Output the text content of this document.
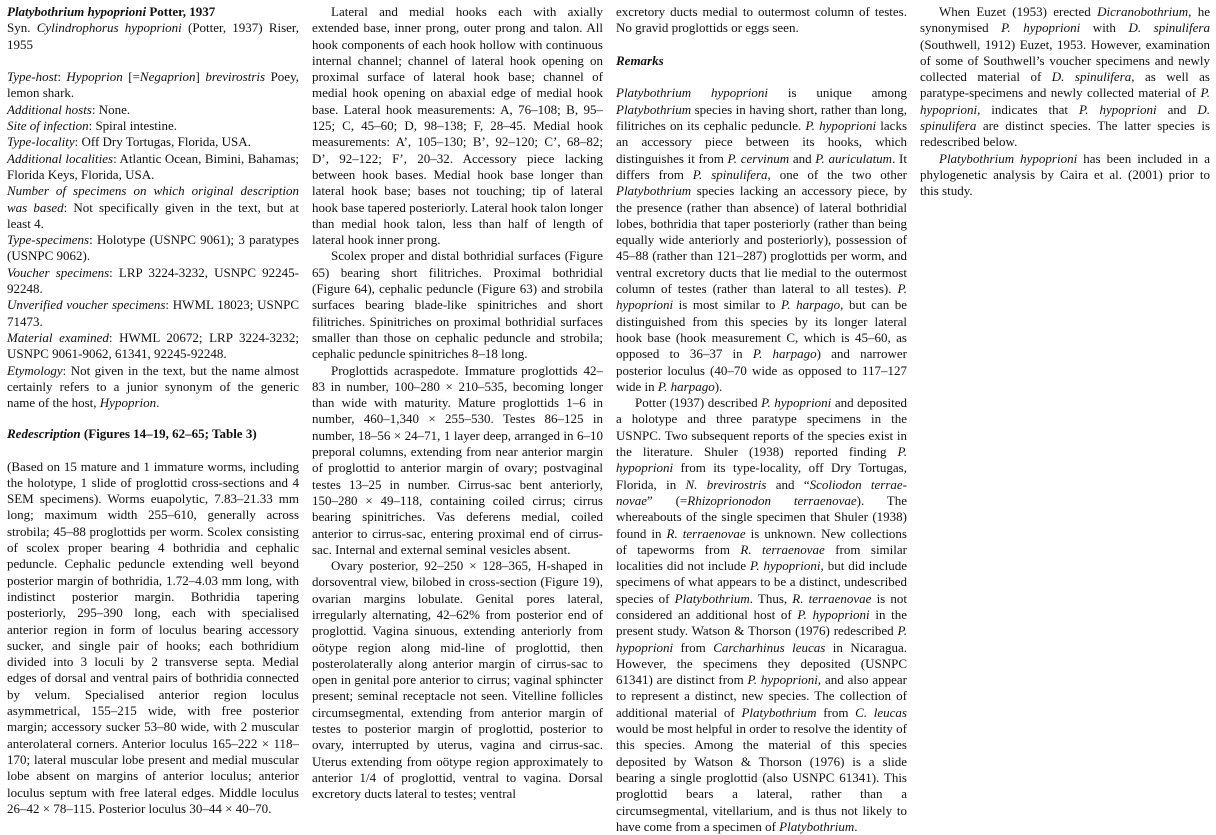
Platybothrium hypoprioni Potter, 1937

Syn. Cylindrophorus hypoprioni (Potter, 1937) Riser, 1955

Type-host: Hypoprion [=Negaprion] brevirostris Poey, lemon shark.

Additional hosts: None.

Site of infection: Spiral intestine.

Type-locality: Off Dry Tortugas, Florida, USA.

Additional localities: Atlantic Ocean, Bimini, Bahamas; Florida Keys, Florida, USA.

Number of specimens on which original description was based: Not specifically given in the text, but at least 4.

Type-specimens: Holotype (USNPC 9061); 3 paratypes (USNPC 9062).

Voucher specimens: LRP 3224-3232, USNPC 92245-92248.

Unverified voucher specimens: HWML 18023; USNPC 71473.

Material examined: HWML 20672; LRP 3224-3232; USNPC 9061-9062, 61341, 92245-92248.

Etymology: Not given in the text, but the name almost certainly refers to a junior synonym of the generic name of the host, Hypoprion.

Redescription (Figures 14–19, 62–65; Table 3)

(Based on 15 mature and 1 immature worms, including the holotype, 1 slide of proglottid cross-sections and 4 SEM specimens). Worms euapolytic, 7.83–21.33 mm long; maximum width 255–610, generally across strobila; 45–88 proglottids per worm. Scolex consisting of scolex proper bearing 4 bothridia and cephalic peduncle. Cephalic peduncle extending well beyond posterior margin of bothridia, 1.72–4.03 mm long, with indistinct posterior margin. Bothridia tapering posteriorly, 295–390 long, each with specialised anterior region in form of loculus bearing accessory sucker, and single pair of hooks; each bothridium divided into 3 loculi by 2 transverse septa. Medial edges of dorsal and ventral pairs of bothridia connected by velum. Specialised anterior region loculus asymmetrical, 155–215 wide, with free posterior margin; accessory sucker 53–80 wide, with 2 muscular anterolateral corners. Anterior loculus 165–222 × 118–170; lateral muscular lobe present and medial muscular lobe absent on margins of anterior loculus; anterior loculus septum with free lateral edges. Middle loculus 26–42 × 78–115. Posterior loculus 30–44 × 40–70.

Lateral and medial hooks each with axially extended base, inner prong, outer prong and talon. All hook components of each hook hollow with continuous internal channel; channel of lateral hook opening on proximal surface of lateral hook base; channel of medial hook opening on abaxial edge of medial hook base. Lateral hook measurements: A, 76–108; B, 95–125; C, 45–60; D, 98–138; F, 28–45. Medial hook measurements: A’, 105–130; B’, 92–120; C’, 68–82; D’, 92–122; F’, 20–32. Accessory piece lacking between hook bases. Medial hook base longer than lateral hook base; bases not touching; tip of lateral hook base tapered posteriorly. Lateral hook talon longer than medial hook talon, less than half of length of lateral hook inner prong.

Scolex proper and distal bothridial surfaces (Figure 65) bearing short filitriches. Proximal bothridial (Figure 64), cephalic peduncle (Figure 63) and strobila surfaces bearing blade-like spinitriches and short filitriches. Spinitriches on proximal bothridial surfaces smaller than those on cephalic peduncle and strobila; cephalic peduncle spinitriches 8–18 long.

Proglottids acraspedote. Immature proglottids 42–83 in number, 100–280 × 210–535, becoming longer than wide with maturity. Mature proglottids 1–6 in number, 460–1,340 × 255–530. Testes 86–125 in number, 18–56 × 24–71, 1 layer deep, arranged in 6–10 preporal columns, extending from near anterior margin of proglottid to anterior margin of ovary; postvaginal testes 13–25 in number. Cirrus-sac bent anteriorly, 150–280 × 49–118, containing coiled cirrus; cirrus bearing spinitriches. Vas deferens medial, coiled anterior to cirrus-sac, entering proximal end of cirrus-sac. Internal and external seminal vesicles absent.

Ovary posterior, 92–250 × 128–365, H-shaped in dorsoventral view, bilobed in cross-section (Figure 19), ovarian margins lobulate. Genital pores lateral, irregularly alternating, 42–62% from posterior end of proglottid. Vagina sinuous, extending anteriorly from oötype region along mid-line of proglottid, then posterolaterally along anterior margin of cirrus-sac to open in genital pore anterior to cirrus; vaginal sphincter present; seminal receptacle not seen. Vitelline follicles circumsegmental, extending from anterior margin of testes to posterior margin of proglottid, posterior to ovary, interrupted by uterus, vagina and cirrus-sac. Uterus extending from oötype region approximately to anterior 1/4 of proglottid, ventral to vagina. Dorsal excretory ducts lateral to testes; ventral

excretory ducts medial to outermost column of testes. No gravid proglottids or eggs seen.

Remarks

Platybothrium hypoprioni is unique among Platybothrium species in having short, rather than long, filitriches on its cephalic peduncle. P. hypoprioni lacks an accessory piece between its hooks, which distinguishes it from P. cervinum and P. auriculatum. It differs from P. spinulifera, one of the two other Platybothrium species lacking an accessory piece, by the presence (rather than absence) of lateral bothridial lobes, bothridia that taper posteriorly (rather than being equally wide anteriorly and posteriorly), possession of 45–88 (rather than 121–287) proglottids per worm, and ventral excretory ducts that lie medial to the outermost column of testes (rather than lateral to all testes). P. hypoprioni is most similar to P. harpago, but can be distinguished from this species by its longer lateral hook base (hook measurement C, which is 45–60, as opposed to 36–37 in P. harpago) and narrower posterior loculus (40–70 wide as opposed to 117–127 wide in P. harpago).

Potter (1937) described P. hypoprioni and deposited a holotype and three paratype specimens in the USNPC. Two subsequent reports of the species exist in the literature. Shuler (1938) reported finding P. hypoprioni from its type-locality, off Dry Tortugas, Florida, in N. brevirostris and “Scoliodon terrae-novae” (=Rhizoprionodon terraenovae). The whereabouts of the single specimen that Shuler (1938) found in R. terraenovae is unknown. New collections of tapeworms from R. terraenovae from similar localities did not include P. hypoprioni, but did include specimens of what appears to be a distinct, undescribed species of Platybothrium. Thus, R. terraenovae is not considered an additional host of P. hypoprioni in the present study. Watson & Thorson (1976) redescribed P. hypoprioni from Carcharhinus leucas in Nicaragua. However, the specimens they deposited (USNPC 61341) are distinct from P. hypoprioni, and also appear to represent a distinct, new species. The collection of additional material of Platybothrium from C. leucas would be most helpful in order to resolve the identity of this species. Among the material of this species deposited by Watson & Thorson (1976) is a slide bearing a single proglottid (also USNPC 61341). This proglottid bears a lateral, rather than a circumsegmental, vitellarium, and is thus not likely to have come from a specimen of Platybothrium.

When Euzet (1953) erected Dicranobothrium, he synonymised P. hypoprioni with D. spinulifera (Southwell, 1912) Euzet, 1953. However, examination of some of Southwell’s voucher specimens and newly collected material of D. spinulifera, as well as paratype-specimens and newly collected material of P. hypoprioni, indicates that P. hypoprioni and D. spinulifera are distinct species. The latter species is redescribed below.

Platybothrium hypoprioni has been included in a phylogenetic analysis by Caira et al. (2001) prior to this study.
